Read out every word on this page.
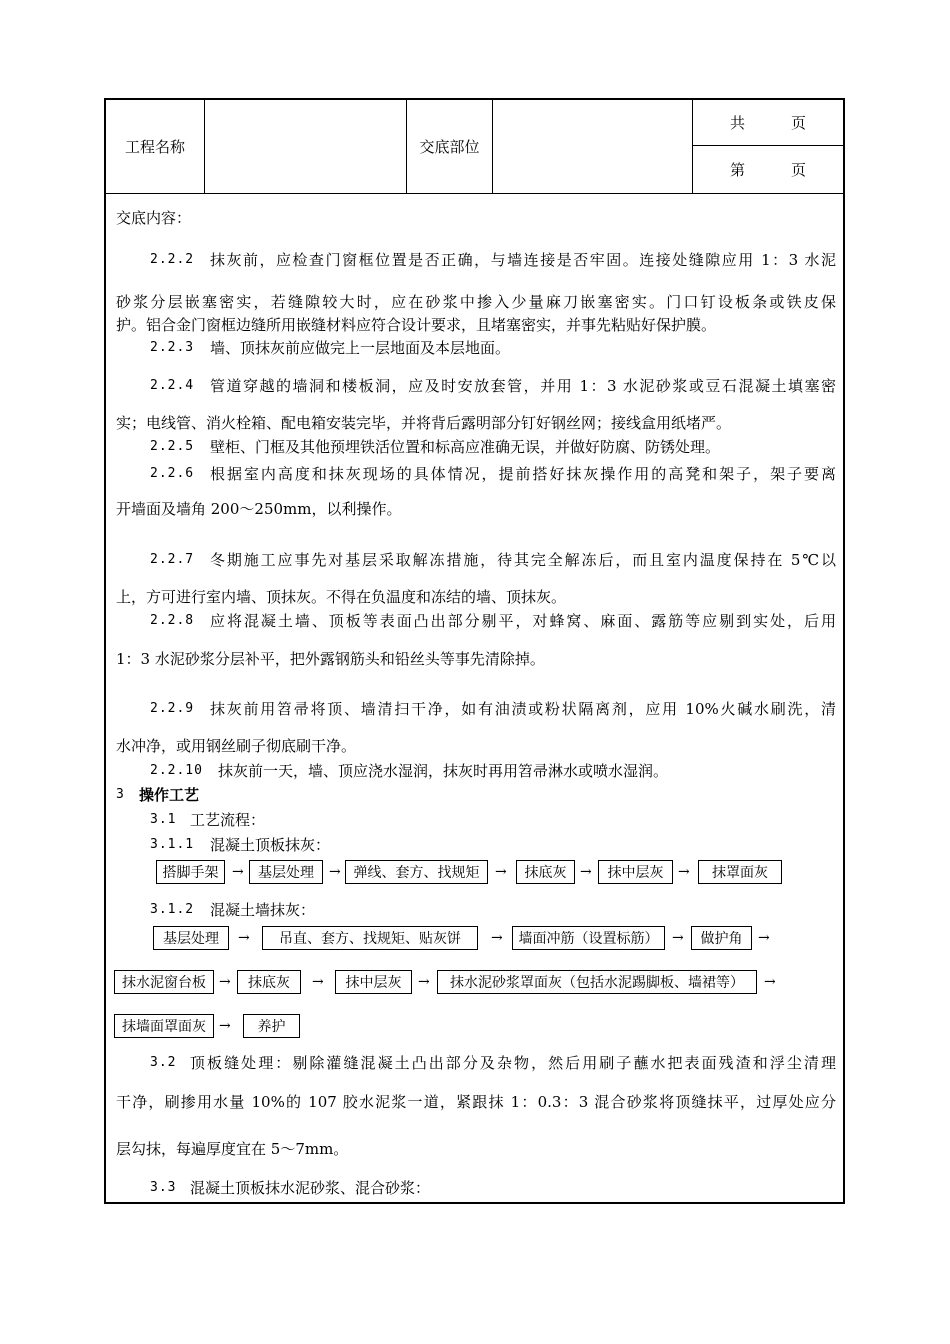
工程名称	交底部位
共	页
第	页
交底内容：
2.2.2 抹灰前，应检查门窗框位置是否正确，与墙连接是否牢固。连接处缝隙应用 1：3 水泥
砂浆分层嵌塞密实，若缝隙较大时，应在砂浆中掺入少量麻刀嵌塞密实。门口钉设板条或铁皮保
护。铝合金门窗框边缝所用嵌缝材料应符合设计要求，且堵塞密实，并事先粘贴好保护膜。
2.2.3 墙、顶抹灰前应做完上一层地面及本层地面。
2.2.4 管道穿越的墙洞和楼板洞，应及时安放套管，并用 1：3 水泥砂浆或豆石混凝土填塞密
实；电线管、消火栓箱、配电箱安装完毕，并将背后露明部分钉好钢丝网；接线盒用纸堵严。
2.2.5 壁柜、门框及其他预埋铁活位置和标高应准确无误，并做好防腐、防锈处理。
2.2.6 根据室内高度和抹灰现场的具体情况，提前搭好抹灰操作用的高凳和架子，架子要离
开墙面及墙角 200～250mm，以利操作。
2.2.7 冬期施工应事先对基层采取解冻措施，待其完全解冻后，而且室内温度保持在 5℃以
上，方可进行室内墙、顶抹灰。不得在负温度和冻结的墙、顶抹灰。
2.2.8 应将混凝土墙、顶板等表面凸出部分剔平，对蜂窝、麻面、露筋等应剔到实处，后用
1：3 水泥砂浆分层补平，把外露钢筋头和铅丝头等事先清除掉。
2.2.9 抹灰前用笤帚将顶、墙清扫干净，如有油渍或粉状隔离剂，应用 10%火碱水刷洗，清
水冲净，或用钢丝刷子彻底刷干净。
2.2.10 抹灰前一天，墙、顶应浇水湿润，抹灰时再用笤帚淋水或喷水湿润。
3 操作工艺
3.1 工艺流程：
3.1.1 混凝土顶板抹灰：
搭脚手架 →	基层处理	→ 弹线、套方、找规矩	→	抹底灰 →	抹中层灰	→	抹罩面灰
3.1.2 混凝土墙抹灰：
基层处理	→	吊直、套方、找规矩、贴灰饼	→	墙面冲筋（设置标筋） →	做护角	→
抹水泥窗台板 →	抹底灰	→	抹中层灰	→	抹水泥砂浆罩面灰（包括水泥踢脚板、墙裙等）	→
抹墙面罩面灰 →	养护
3.2 顶板缝处理：剔除灌缝混凝土凸出部分及杂物，然后用刷子蘸水把表面残渣和浮尘清理
干净，刷掺用水量 10%的 107 胶水泥浆一道，紧跟抹 1：0.3：3 混合砂浆将顶缝抹平，过厚处应分
层勾抹，每遍厚度宜在 5～7mm。
3.3 混凝土顶板抹水泥砂浆、混合砂浆：
